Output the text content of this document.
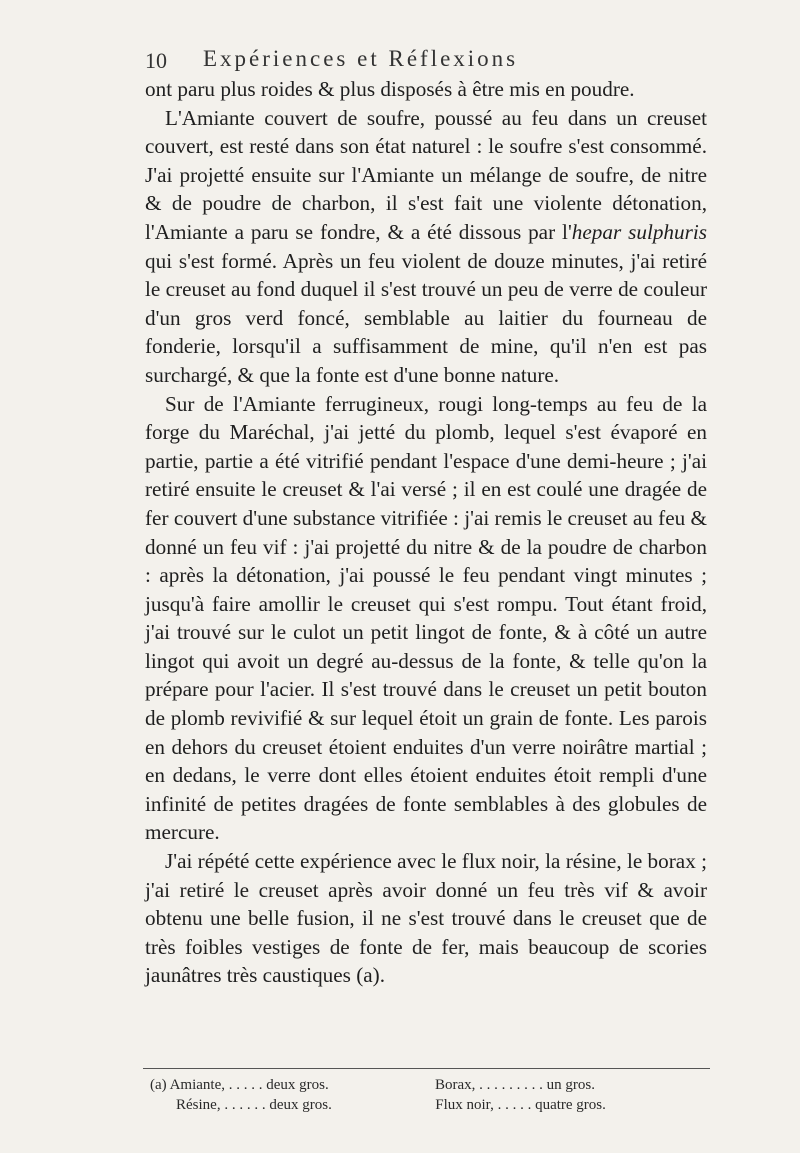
10 Expériences et Réflexions

ont paru plus roides & plus disposés à être mis en poudre.

L'Amiante couvert de soufre, poussé au feu dans un creuset couvert, est resté dans son état naturel : le soufre s'est consommé. J'ai projetté ensuite sur l'Amiante un mélange de soufre, de nitre & de poudre de charbon, il s'est fait une violente détonation, l'Amiante a paru se fondre, & a été dissous par l'hepar sulphuris qui s'est formé. Après un feu violent de douze minutes, j'ai retiré le creuset au fond duquel il s'est trouvé un peu de verre de couleur d'un gros verd foncé, semblable au laitier du fourneau de fonderie, lorsqu'il a suffisamment de mine, qu'il n'en est pas surchargé, & que la fonte est d'une bonne nature.

Sur de l'Amiante ferrugineux, rougi long-temps au feu de la forge du Maréchal, j'ai jetté du plomb, lequel s'est évaporé en partie, partie a été vitrifié pendant l'espace d'une demi-heure ; j'ai retiré ensuite le creuset & l'ai versé ; il en est coulé une dragée de fer couvert d'une substance vitrifiée : j'ai remis le creuset au feu & donné un feu vif : j'ai projetté du nitre & de la poudre de charbon : après la détonation, j'ai poussé le feu pendant vingt minutes ; jusqu'à faire amollir le creuset qui s'est rompu. Tout étant froid, j'ai trouvé sur le culot un petit lingot de fonte, & à côté un autre lingot qui avoit un degré au-dessus de la fonte, & telle qu'on la prépare pour l'acier. Il s'est trouvé dans le creuset un petit bouton de plomb revivifié & sur lequel étoit un grain de fonte. Les parois en dehors du creuset étoient enduites d'un verre noirâtre martial ; en dedans, le verre dont elles étoient enduites étoit rempli d'une infinité de petites dragées de fonte semblables à des globules de mercure.

J'ai répété cette expérience avec le flux noir, la résine, le borax ; j'ai retiré le creuset après avoir donné un feu très vif & avoir obtenu une belle fusion, il ne s'est trouvé dans le creuset que de très foibles vestiges de fonte de fer, mais beaucoup de scories jaunâtres très caustiques (a).

(a) Amiante, . . . . . deux gros.	Borax, . . . . . . . . . un gros.
Résine, . . . . . . deux gros.	Flux noir, . . . . . quatre gros.
